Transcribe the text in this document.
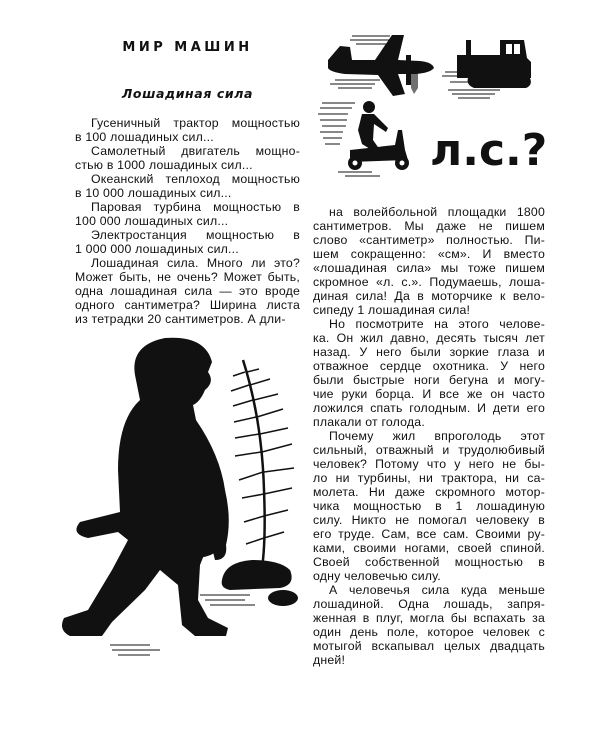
МИР МАШИН
Лошадиная сила
Гусеничный трактор мощностью
в 100 лошадиных сил...
Самолетный двигатель мощно-
стью в 1000 лошадиных сил...
Океанский теплоход мощностью
в 10 000 лошадиных сил...
Паровая турбина мощностью в
100 000 лошадиных сил...
Электростанция мощностью в
1 000 000 лошадиных сил...
Лошадиная сила. Много ли это?
Может быть, не очень? Может быть,
одна лошадиная сила — это вроде
одного сантиметра? Ширина листа
из тетрадки 20 сантиметров. А дли-
на волейбольной площадки 1800
сантиметров. Мы даже не пишем
слово «сантиметр» полностью. Пи-
шем сокращенно: «см». И вместо
«лошадиная сила» мы тоже пишем
скромное «л. с.». Подумаешь, лоша-
диная сила! Да в моторчике к вело-
сипеду 1 лошадиная сила!
Но посмотрите на этого челове-
ка. Он жил давно, десять тысяч лет
назад. У него были зоркие глаза и
отважное сердце охотника. У него
были быстрые ноги бегуна и могу-
чие руки борца. И все же он часто
ложился спать голодным. И дети его
плакали от голода.
Почему жил впроголодь этот
сильный, отважный и трудолюбивый
человек? Потому что у него не бы-
ло ни турбины, ни трактора, ни са-
молета. Ни даже скромного мотор-
чика мощностью в 1 лошадиную
силу. Никто не помогал человеку в
его труде. Сам, все сам. Своими ру-
ками, своими ногами, своей спиной.
Своей собственной мощностью в
одну человечью силу.
А человечья сила куда меньше
лошадиной. Одна лошадь, запря-
женная в плуг, могла бы вспахать за
один день поле, которое человек с
мотыгой вскапывал целых двадцать
дней!
л.с.?
